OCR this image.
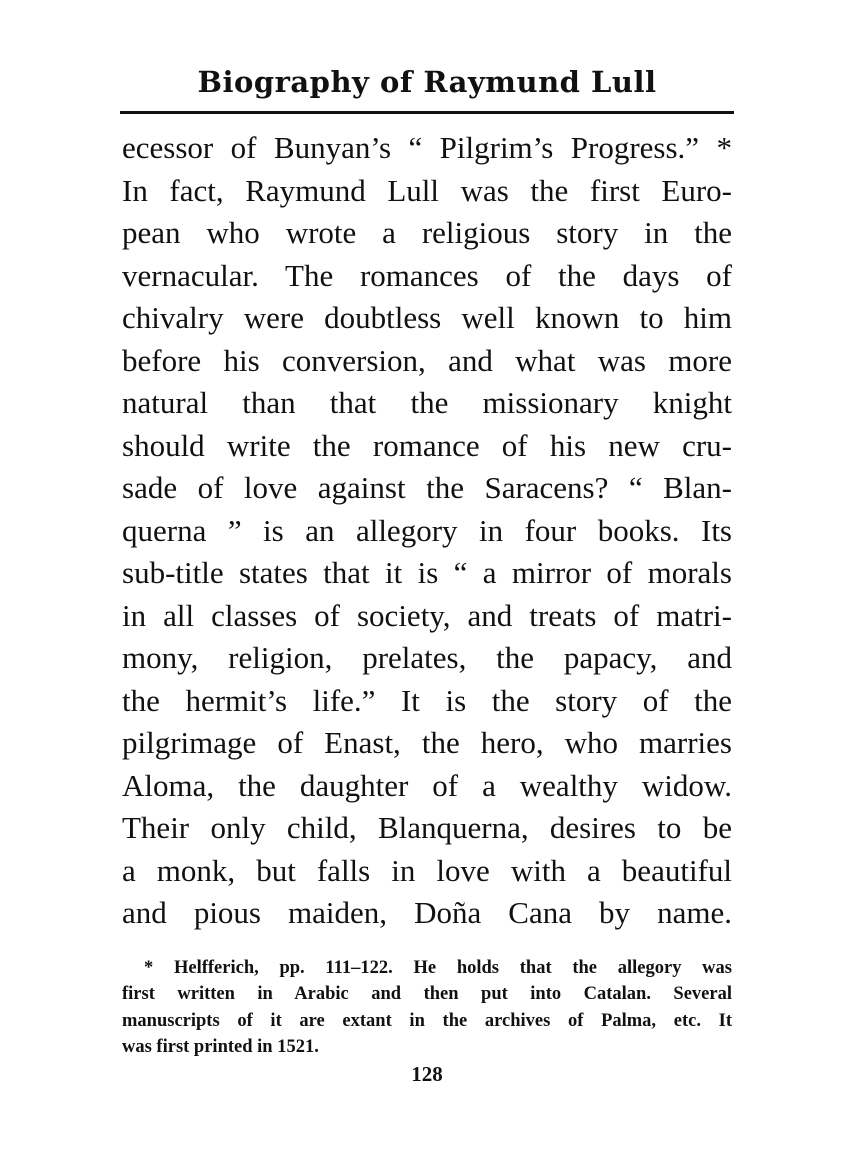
Biography of Raymund Lull
ecessor of Bunyan’s “ Pilgrim’s Progress.” *
In fact, Raymund Lull was the first Euro-
pean who wrote a religious story in the
vernacular. The romances of the days of
chivalry were doubtless well known to him
before his conversion, and what was more
natural than that the missionary knight
should write the romance of his new cru-
sade of love against the Saracens? “ Blan-
querna ” is an allegory in four books. Its
sub-title states that it is “ a mirror of morals
in all classes of society, and treats of matri-
mony, religion, prelates, the papacy, and
the hermit’s life.” It is the story of the
pilgrimage of Enast, the hero, who marries
Aloma, the daughter of a wealthy widow.
Their only child, Blanquerna, desires to be
a monk, but falls in love with a beautiful
and pious maiden, Doña Cana by name.
* Helfferich, pp. 111–122. He holds that the allegory was
first written in Arabic and then put into Catalan. Several
manuscripts of it are extant in the archives of Palma, etc. It
was first printed in 1521.
128
